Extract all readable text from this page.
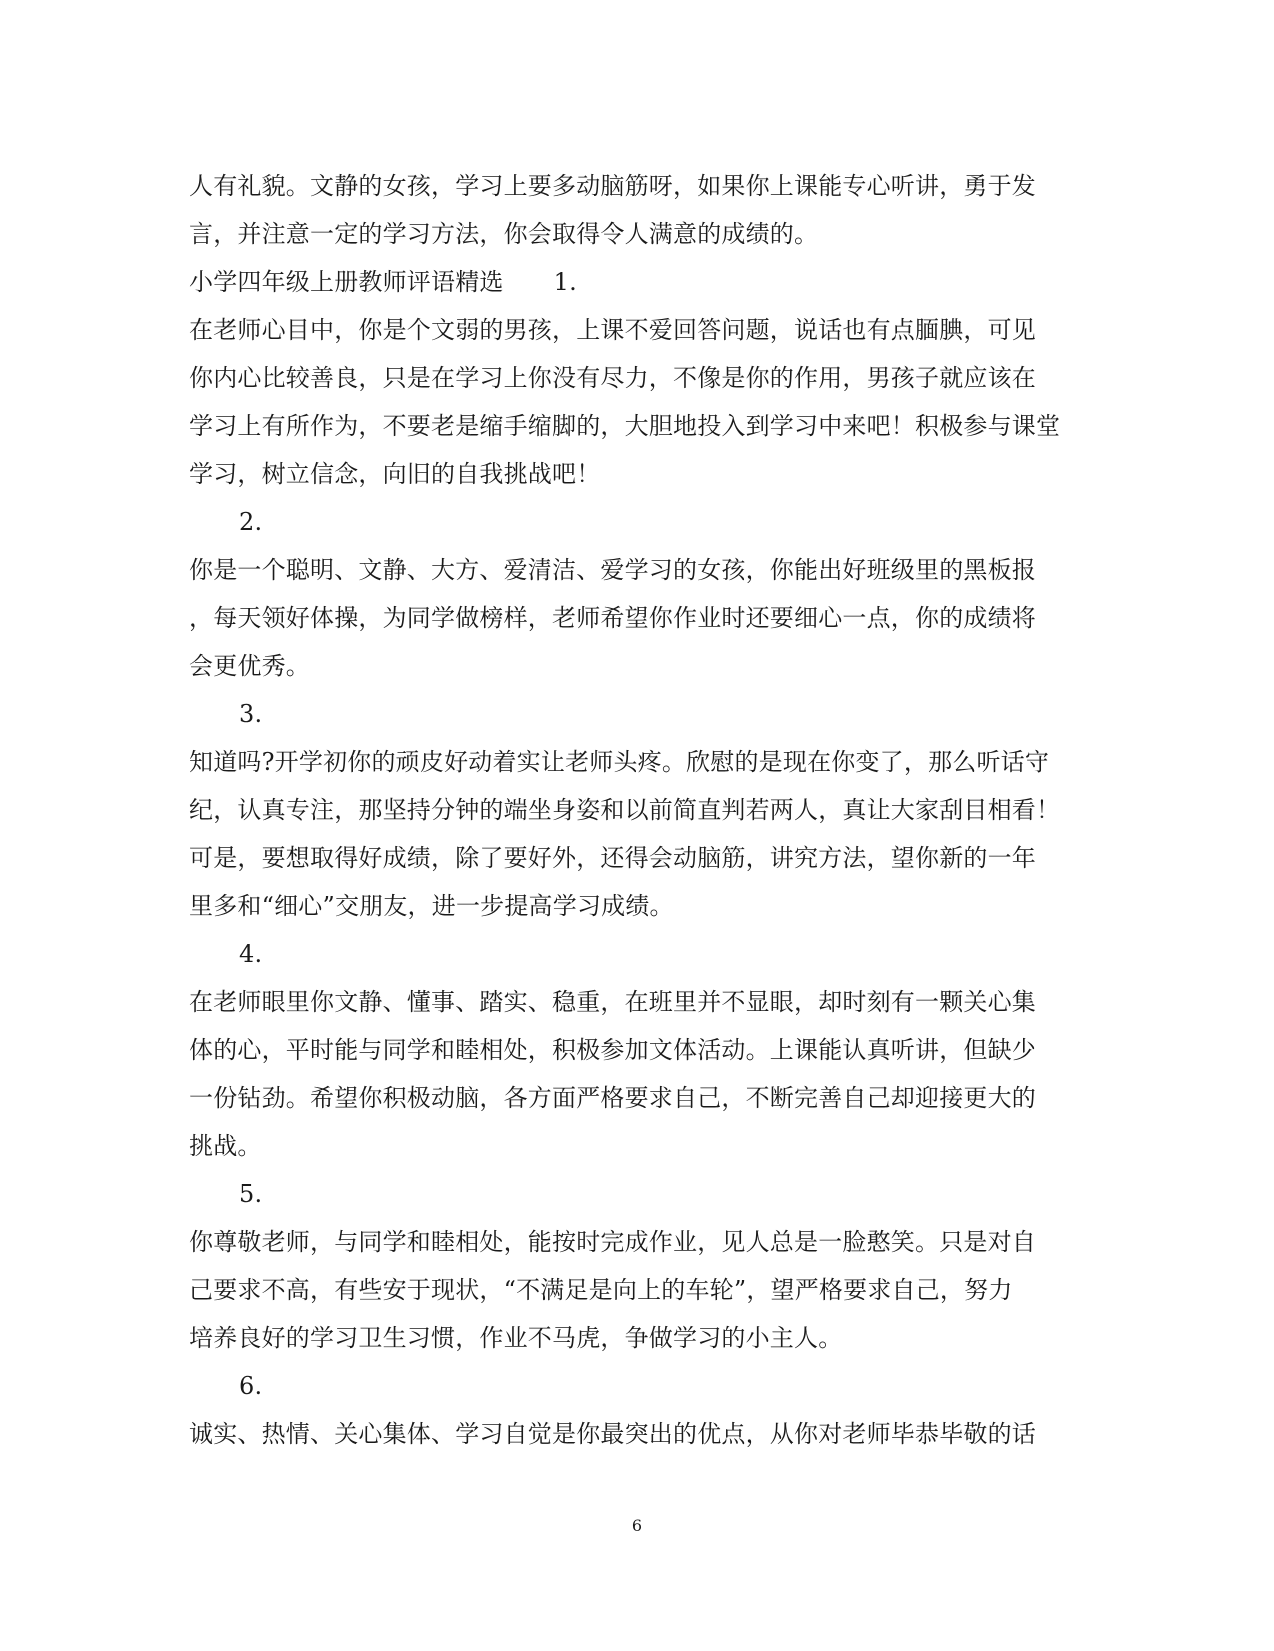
人有礼貌。文静的女孩，学习上要多动脑筋呀，如果你上课能专心听讲，勇于发
言，并注意一定的学习方法，你会取得令人满意的成绩的。
小学四年级上册教师评语精选 1.
在老师心目中，你是个文弱的男孩，上课不爱回答问题，说话也有点腼腆，可见
你内心比较善良，只是在学习上你没有尽力，不像是你的作用，男孩子就应该在
学习上有所作为，不要老是缩手缩脚的，大胆地投入到学习中来吧！积极参与课堂
学习，树立信念，向旧的自我挑战吧！
2.
你是一个聪明、文静、大方、爱清洁、爱学习的女孩，你能出好班级里的黑板报
，每天领好体操，为同学做榜样，老师希望你作业时还要细心一点，你的成绩将
会更优秀。
3.
知道吗?开学初你的顽皮好动着实让老师头疼。欣慰的是现在你变了，那么听话守
纪，认真专注，那坚持分钟的端坐身姿和以前简直判若两人，真让大家刮目相看！
可是，要想取得好成绩，除了要好外，还得会动脑筋，讲究方法，望你新的一年
里多和“细心”交朋友，进一步提高学习成绩。
4.
在老师眼里你文静、懂事、踏实、稳重，在班里并不显眼，却时刻有一颗关心集
体的心，平时能与同学和睦相处，积极参加文体活动。上课能认真听讲，但缺少
一份钻劲。希望你积极动脑，各方面严格要求自己，不断完善自己却迎接更大的
挑战。
5.
你尊敬老师，与同学和睦相处，能按时完成作业，见人总是一脸憨笑。只是对自
己要求不高，有些安于现状，“不满足是向上的车轮”，望严格要求自己，努力
培养良好的学习卫生习惯，作业不马虎，争做学习的小主人。
6.
诚实、热情、关心集体、学习自觉是你最突出的优点，从你对老师毕恭毕敬的话
6
